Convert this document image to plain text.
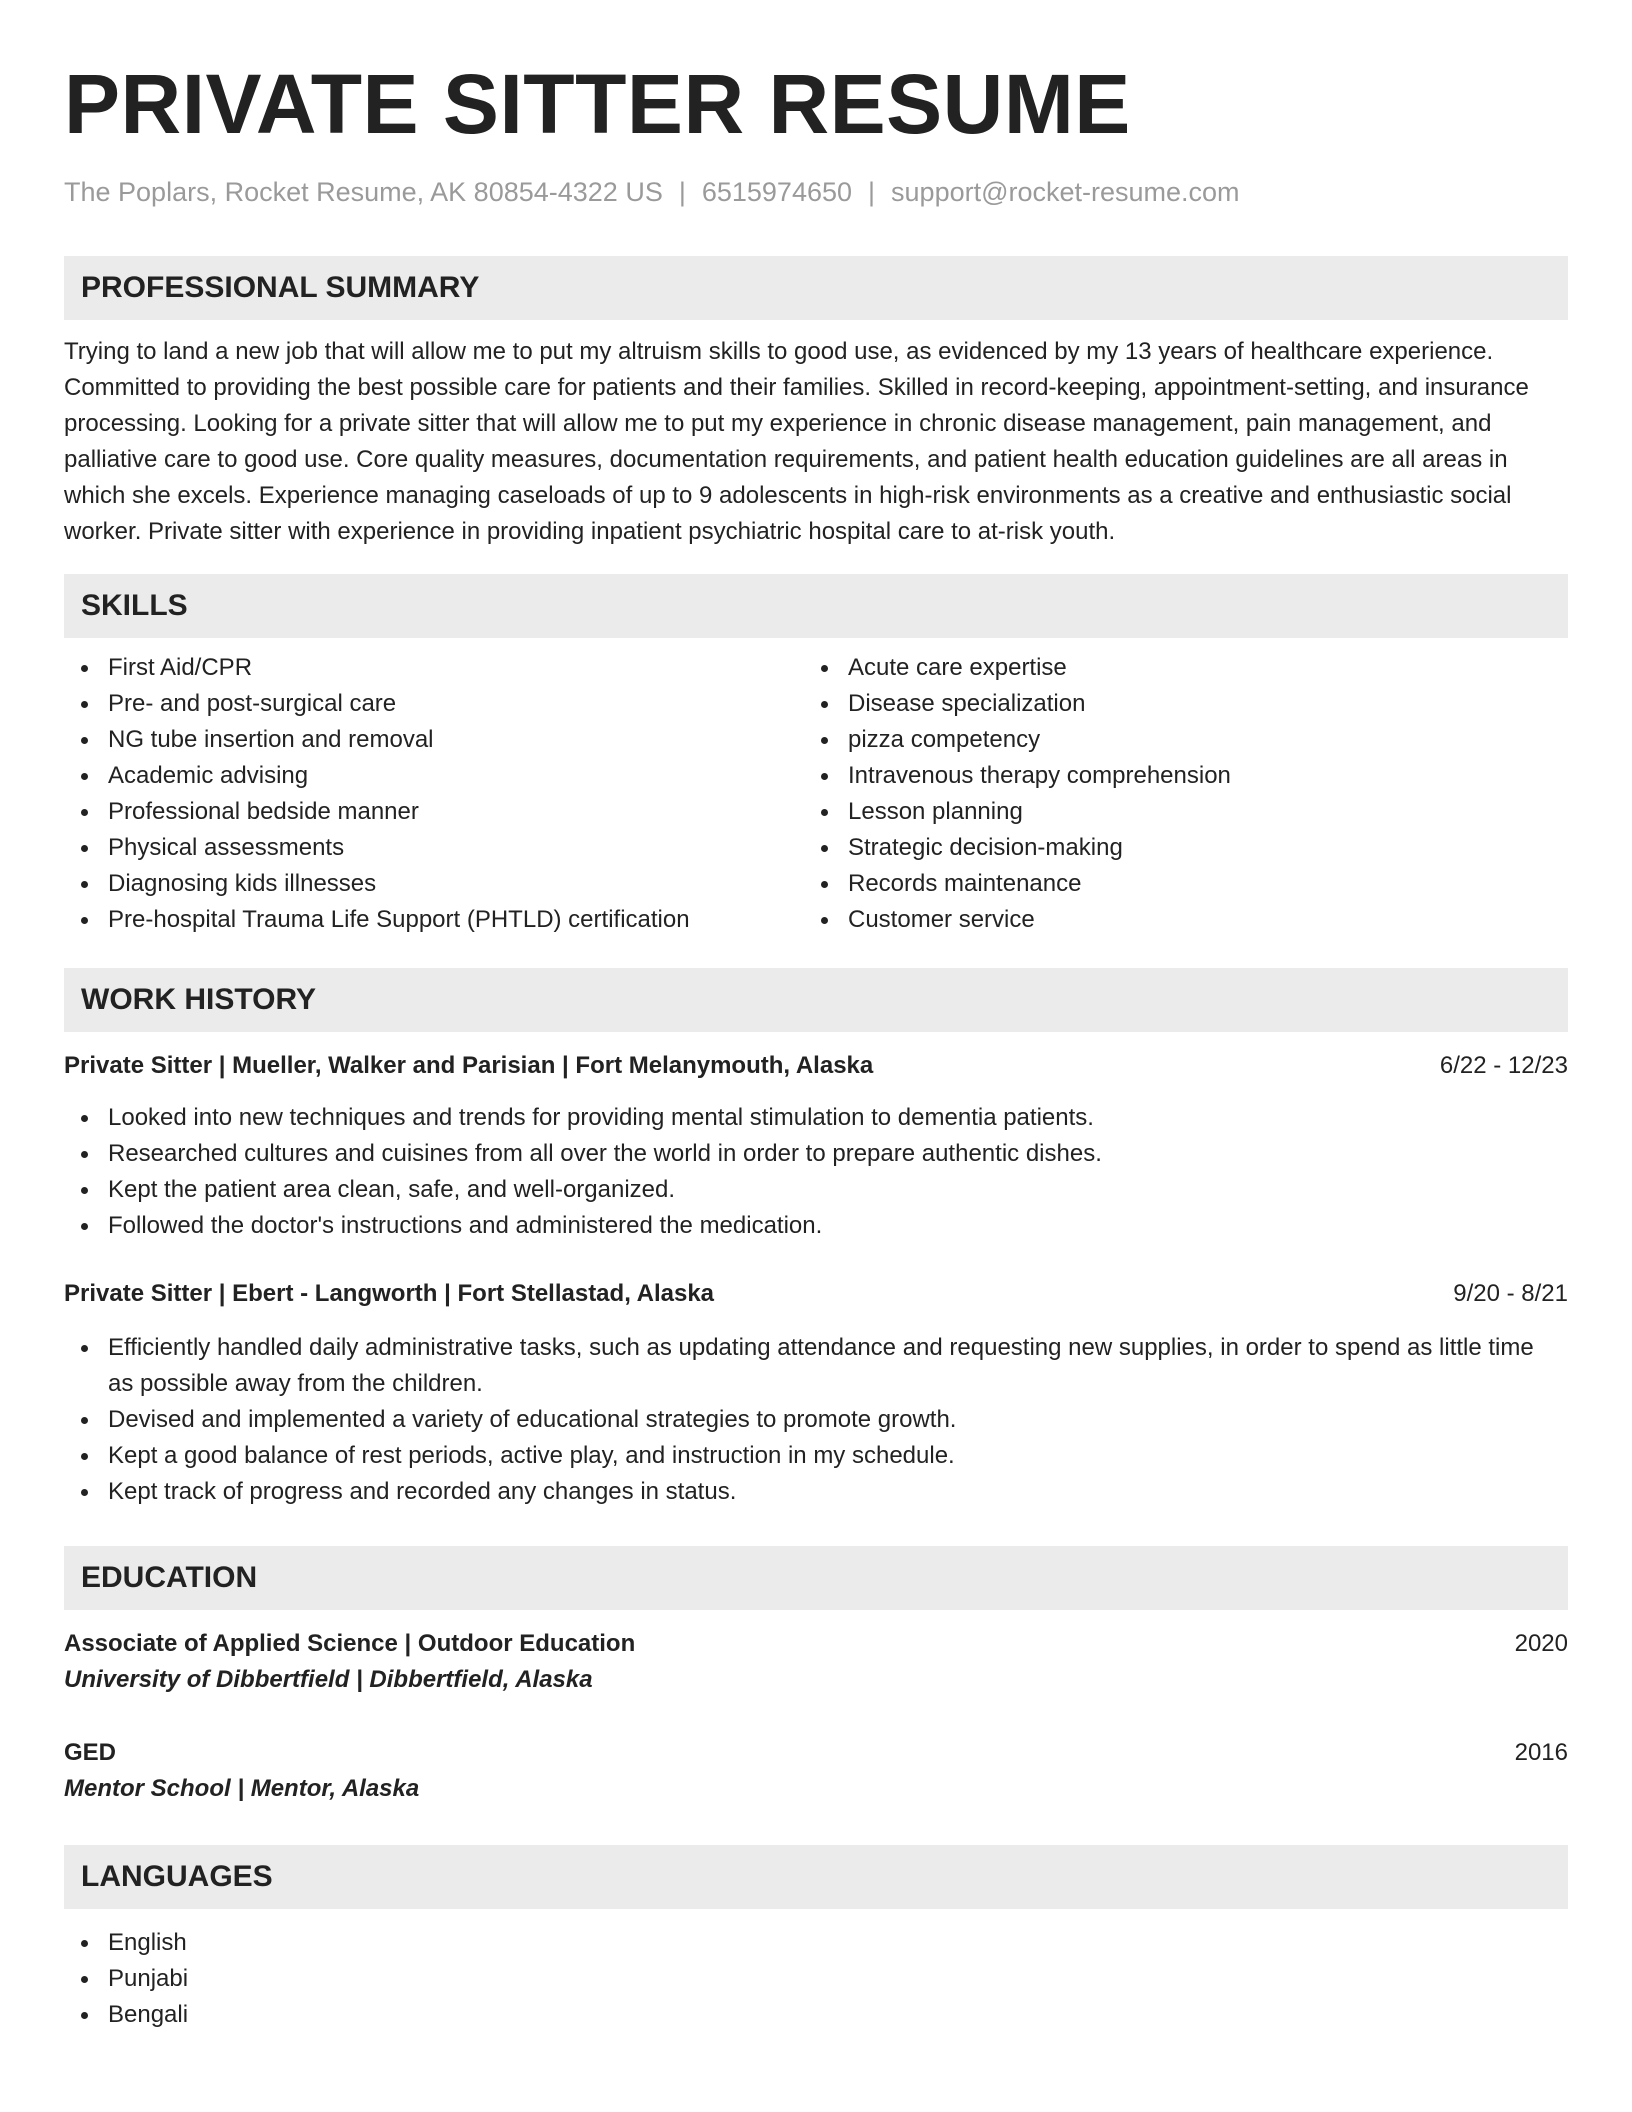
PRIVATE SITTER RESUME
The Poplars, Rocket Resume, AK 80854-4322 US | 6515974650 | support@rocket-resume.com
PROFESSIONAL SUMMARY

Trying to land a new job that will allow me to put my altruism skills to good use, as evidenced by my 13 years of healthcare experience. Committed to providing the best possible care for patients and their families. Skilled in record-keeping, appointment-setting, and insurance processing. Looking for a private sitter that will allow me to put my experience in chronic disease management, pain management, and palliative care to good use. Core quality measures, documentation requirements, and patient health education guidelines are all areas in which she excels. Experience managing caseloads of up to 9 adolescents in high-risk environments as a creative and enthusiastic social worker. Private sitter with experience in providing inpatient psychiatric hospital care to at-risk youth.

SKILLS
First Aid/CPR
Pre- and post-surgical care
NG tube insertion and removal
Academic advising
Professional bedside manner
Physical assessments
Diagnosing kids illnesses
Pre-hospital Trauma Life Support (PHTLD) certification
Acute care expertise
Disease specialization
pizza competency
Intravenous therapy comprehension
Lesson planning
Strategic decision-making
Records maintenance
Customer service
WORK HISTORY
Private Sitter | Mueller, Walker and Parisian | Fort Melanymouth, Alaska	6/22 - 12/23
Looked into new techniques and trends for providing mental stimulation to dementia patients.
Researched cultures and cuisines from all over the world in order to prepare authentic dishes.
Kept the patient area clean, safe, and well-organized.
Followed the doctor's instructions and administered the medication.
Private Sitter | Ebert - Langworth | Fort Stellastad, Alaska	9/20 - 8/21
Efficiently handled daily administrative tasks, such as updating attendance and requesting new supplies, in order to spend as little time as possible away from the children.
Devised and implemented a variety of educational strategies to promote growth.
Kept a good balance of rest periods, active play, and instruction in my schedule.
Kept track of progress and recorded any changes in status.
EDUCATION
Associate of Applied Science | Outdoor Education	2020
University of Dibbertfield | Dibbertfield, Alaska
GED	2016
Mentor School | Mentor, Alaska
LANGUAGES
English
Punjabi
Bengali
